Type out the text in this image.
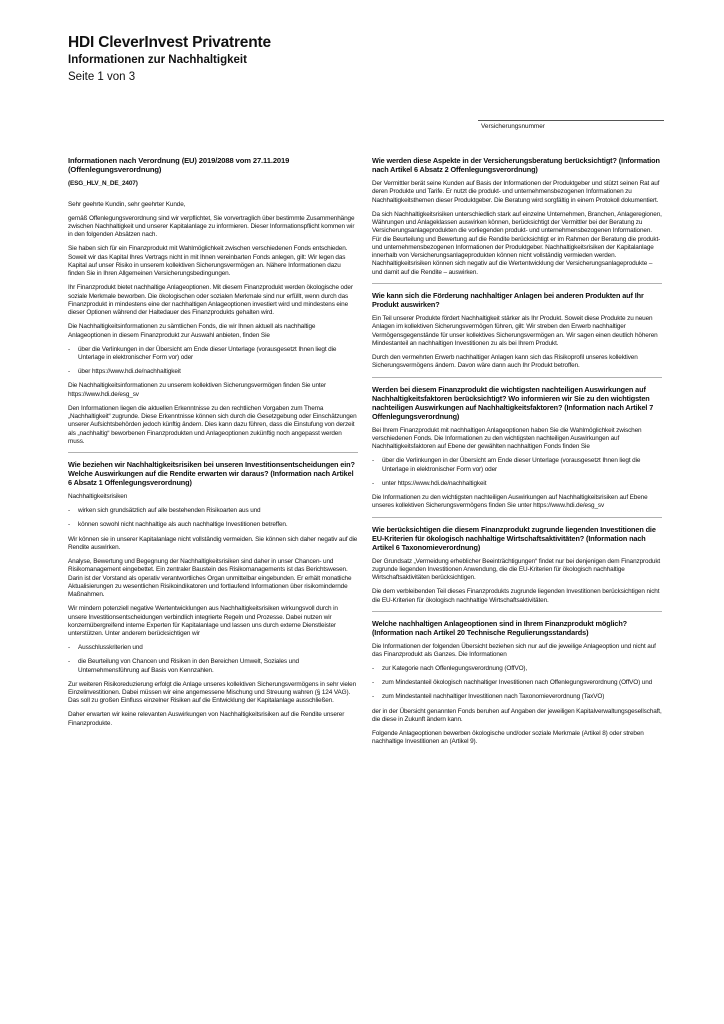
HDI CleverInvest Privatrente
Informationen zur Nachhaltigkeit
Seite 1 von 3
Versicherungsnummer
Informationen nach Verordnung (EU) 2019/2088 vom 27.11.2019 (Offenlegungsverordnung)

(ESG_HLV_N_DE_2407)

Sehr geehrte Kundin, sehr geehrter Kunde,

gemäß Offenlegungsverordnung sind wir verpflichtet, Sie vorvertraglich über bestimmte Zusammenhänge zwischen Nachhaltigkeit und unserer Kapitalanlage zu informieren. Dieser Informationspflicht kommen wir in den folgenden Absätzen nach.

Sie haben sich für ein Finanzprodukt mit Wahlmöglichkeit zwischen verschiedenen Fonds entschieden. Soweit wir das Kapital Ihres Vertrags nicht in mit Ihnen vereinbarten Fonds anlegen, gilt: Wir legen das Kapital auf unser Risiko in unserem kollektiven Sicherungsvermögen an. Nähere Informationen dazu finden Sie in Ihren Allgemeinen Versicherungsbedingungen.

Ihr Finanzprodukt bietet nachhaltige Anlageoptionen. Mit diesem Finanzprodukt werden ökologische oder soziale Merkmale beworben. Die ökologischen oder sozialen Merkmale sind nur erfüllt, wenn durch das Finanzprodukt in mindestens eine der nachhaltigen Anlageoptionen investiert wird und mindestens eine dieser Optionen während der Haltedauer des Finanzprodukts gehalten wird.

Die Nachhaltigkeitsinformationen zu sämtlichen Fonds, die wir Ihnen aktuell als nachhaltige Anlageoptionen in diesem Finanzprodukt zur Auswahl anbieten, finden Sie

- über die Verlinkungen in der Übersicht am Ende dieser Unterlage (vorausgesetzt Ihnen liegt die Unterlage in elektronischer Form vor) oder
- über https://www.hdi.de/nachhaltigkeit

Die Nachhaltigkeitsinformationen zu unserem kollektiven Sicherungsvermögen finden Sie unter https://www.hdi.de/esg_sv

Den Informationen liegen die aktuellen Erkenntnisse zu den rechtlichen Vorgaben zum Thema „Nachhaltigkeit“ zugrunde. Diese Erkenntnisse können sich durch die Gesetzgebung oder Einschätzungen unserer Aufsichtsbehörden jedoch künftig ändern. Dies kann dazu führen, dass die Einstufung von derzeit als „nachhaltig“ beworbenen Finanzprodukten und Anlageoptionen zukünftig noch angepasst werden muss.

Wie beziehen wir Nachhaltigkeitsrisiken bei unseren Investitionsentscheidungen ein? Welche Auswirkungen auf die Rendite erwarten wir daraus? (Information nach Artikel 6 Absatz 1 Offenlegungsverordnung)

Nachhaltigkeitsrisiken

- wirken sich grundsätzlich auf alle bestehenden Risikoarten aus und
- können sowohl nicht nachhaltige als auch nachhaltige Investitionen betreffen.

Wir können sie in unserer Kapitalanlage nicht vollständig vermeiden. Sie können sich daher negativ auf die Rendite auswirken.

Analyse, Bewertung und Begegnung der Nachhaltigkeitsrisiken sind daher in unser Chancen- und Risikomanagement eingebettet. Ein zentraler Baustein des Risikomanagements ist das Berichtswesen. Darin ist der Vorstand als operativ verantwortliches Organ unmittelbar eingebunden. Er erhält monatliche Aktualisierungen zu wesentlichen Risikoindikatoren und fortlaufend Informationen über risikomindernde Maßnahmen.

Wir mindern potenziell negative Wertentwicklungen aus Nachhaltigkeitsrisiken wirkungsvoll durch in unsere Investitionsentscheidungen verbindlich integrierte Regeln und Prozesse. Dabei nutzen wir konzernübergreifend interne Experten für Kapitalanlage und lassen uns durch externe Dienstleister unterstützen. Unter anderem berücksichtigen wir

- Ausschlusskriterien und
- die Beurteilung von Chancen und Risiken in den Bereichen Umwelt, Soziales und Unternehmensführung auf Basis von Kennzahlen.

Zur weiteren Risikoreduzierung erfolgt die Anlage unseres kollektiven Sicherungsvermögens in sehr vielen Einzelinvestitionen. Dabei müssen wir eine angemessene Mischung und Streuung wahren (§ 124 VAG). Das soll zu großen Einfluss einzelner Risiken auf die Entwicklung der Kapitalanlage ausschließen.

Daher erwarten wir keine relevanten Auswirkungen von Nachhaltigkeitsrisiken auf die Rendite unserer Finanzprodukte.

Wie werden diese Aspekte in der Versicherungsberatung berücksichtigt? (Information nach Artikel 6 Absatz 2 Offenlegungsverordnung)

Der Vermittler berät seine Kunden auf Basis der Informationen der Produktgeber und stützt seinen Rat auf deren Produkte und Tarife. Er nutzt die produkt- und unternehmensbezogenen Informationen zu Nachhaltigkeitsthemen dieser Produktgeber. Die Beratung wird sorgfältig in einem Protokoll dokumentiert.

Da sich Nachhaltigkeitsrisiken unterschiedlich stark auf einzelne Unternehmen, Branchen, Anlageregionen, Währungen und Anlageklassen auswirken können, berücksichtigt der Vermittler bei der Beratung zu Versicherungsanlageprodukten die vorliegenden produkt- und unternehmensbezogenen Informationen. Für die Beurteilung und Bewertung auf die Rendite berücksichtigt er im Rahmen der Beratung die produkt- und unternehmensbezogenen Informationen der Produktgeber. Nachhaltigkeitsrisiken der Kapitalanlage innerhalb von Versicherungsanlageprodukten können nicht vollständig vermieden werden. Nachhaltigkeitsrisiken können sich negativ auf die Wertentwicklung der Versicherungsanlageprodukte – und damit auf die Rendite – auswirken.

Wie kann sich die Förderung nachhaltiger Anlagen bei anderen Produkten auf Ihr Produkt auswirken?

Ein Teil unserer Produkte fördert Nachhaltigkeit stärker als Ihr Produkt. Soweit diese Produkte zu neuen Anlagen im kollektiven Sicherungsvermögen führen, gilt: Wir streben den Erwerb nachhaltiger Vermögensgegenstände für unser kollektives Sicherungsvermögen an. Wir sagen einen deutlich höheren Mindestanteil an nachhaltigen Investitionen zu als bei Ihrem Produkt.

Durch den vermehrten Erwerb nachhaltiger Anlagen kann sich das Risikoprofil unseres kollektiven Sicherungsvermögens ändern. Davon wäre dann auch Ihr Produkt betroffen.

Werden bei diesem Finanzprodukt die wichtigsten nachteiligen Auswirkungen auf Nachhaltigkeitsfaktoren berücksichtigt? Wo informieren wir Sie zu den wichtigsten nachteiligen Auswirkungen auf Nachhaltigkeitsfaktoren? (Information nach Artikel 7 Offenlegungsverordnung)

Bei Ihrem Finanzprodukt mit nachhaltigen Anlageoptionen haben Sie die Wahlmöglichkeit zwischen verschiedenen Fonds. Die Informationen zu den wichtigsten nachteiligen Auswirkungen auf Nachhaltigkeitsfaktoren auf Ebene der gewählten nachhaltigen Fonds finden Sie

- über die Verlinkungen in der Übersicht am Ende dieser Unterlage (vorausgesetzt Ihnen liegt die Unterlage in elektronischer Form vor) oder
- unter https://www.hdi.de/nachhaltigkeit

Die Informationen zu den wichtigsten nachteiligen Auswirkungen auf Nachhaltigkeitsrisiken auf Ebene unseres kollektiven Sicherungsvermögens finden Sie unter https://www.hdi.de/esg_sv

Wie berücksichtigen die diesem Finanzprodukt zugrunde liegenden Investitionen die EU-Kriterien für ökologisch nachhaltige Wirtschaftsaktivitäten? (Information nach Artikel 6 Taxonomieverordnung)

Der Grundsatz „Vermeidung erheblicher Beeinträchtigungen“ findet nur bei denjenigen dem Finanzprodukt zugrunde liegenden Investitionen Anwendung, die die EU-Kriterien für ökologisch nachhaltige Wirtschaftsaktivitäten berücksichtigen.

Die dem verbleibenden Teil dieses Finanzprodukts zugrunde liegenden Investitionen berücksichtigen nicht die EU-Kriterien für ökologisch nachhaltige Wirtschaftsaktivitäten.

Welche nachhaltigen Anlageoptionen sind in Ihrem Finanzprodukt möglich? (Information nach Artikel 20 Technische Regulierungsstandards)

Die Informationen der folgenden Übersicht beziehen sich nur auf die jeweilige Anlageoption und nicht auf das Finanzprodukt als Ganzes. Die Informationen

- zur Kategorie nach Offenlegungsverordnung (OffVO),
- zum Mindestanteil ökologisch nachhaltiger Investitionen nach Offenlegungsverordnung (OffVO) und
- zum Mindestanteil nachhaltiger Investitionen nach Taxonomieverordnung (TaxVO)

der in der Übersicht genannten Fonds beruhen auf Angaben der jeweiligen Kapitalverwaltungsgesellschaft, die diese in Zukunft ändern kann.

Folgende Anlageoptionen bewerben ökologische und/oder soziale Merkmale (Artikel 8) oder streben nachhaltige Investitionen an (Artikel 9).
